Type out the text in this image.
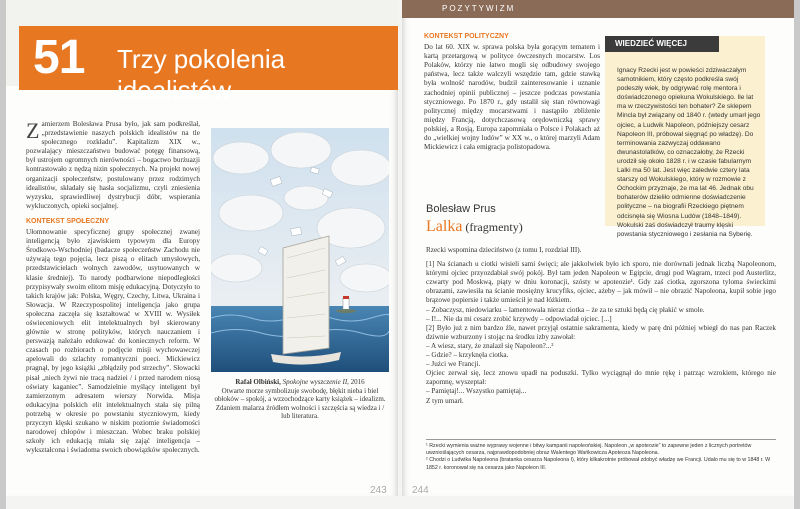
51 Trzy pokolenia idealistów
Z amierzem Bolesława Prusa było, jak sam podkreślał, „przedstawienie naszych polskich idealistów na tle społecznego rozkładu”. Kapitalizm XIX w., pozwalający mieszczaństwu budować potęgę finansową, był ustrojem ogromnych nierówności – bogactwo burżuazji kontrastowało z nędzą nizin społecznych. Na projekt nowej organizacji społeczeństw, postulowany przez rodzimych idealistów, składały się hasła socjalizmu, czyli zniesienia wyzysku, sprawiedliwej dystrybucji dóbr, wspierania wykluczonych, opieki socjalnej.
KONTEKST SPOŁECZNY
Ułomnowanie specyficznej grupy społecznej zwanej inteligencją było zjawiskiem typowym dla Europy Środkowo-Wschodniej (badacze społeczeństw Zachodu nie używają tego pojęcia, lecz piszą o elitach umysłowych, przedstawicielach wolnych zawodów, usytuowanych w klasie średniej). To narody podbarwione niepodległości przypisywały swoim elitom misję edukacyjną. Dotyczyło to takich krajów jak: Polska, Węgry, Czechy, Litwa, Ukraina i Słowacja. W Rzeczypospolitej inteligencja jako grupa społeczna zaczęła się kształtować w XVIII w. Wysiłek oświeceniowych elit intelektualnych był skierowany głównie w stronę polityków, których nauczaniem i perswazją należało edukować do koniecznych reform. W czasach po rozbiorach o podjęcie misji wychowawczej apelowali do szlachty romantyczni poeci. Mickiewicz pragnął, by jego książki „zbłądziły pod strzechy”. Słowacki pisał „niech żywi nie tracą nadziei / i przed narodem niosą oświaty kaganiec”. Samodzielnie myślący inteligent był zamierzonym adresatem wierszy Norwida. Misja edukacyjna polskich elit intelektualnych stała się pilną potrzebą w okresie po powstaniu styczniowym, kiedy przyczyn klęski szukano w niskim poziomie świadomości narodowej chłopów i mieszczan. Wobec braku polskiej szkoły ich edukacją miała się zająć inteligencja – wykształcona i świadoma swoich obowiązków społecznych.
Rafał Olbiński, Spokojne wyszczenie II, 2016
Otwarte morze symbolizuje swobodę, błękit nieba i biel obłoków – spokój, a wzzochodzące karty książek – idealizm. Zdaniem malarza źródłem wolności i szczęścia są wiedza i / lub literatura.
243
POZYTYWIZM
KONTEKST POLITYCZNY
Do lat 60. XIX w. sprawa polska była gorącym tematem i kartą przetargową w polityce ówczesnych mocarstw. Los Polaków, którzy nie łatwo mogli się odbudowy swojego państwa, lecz także walczyli wszędzie tam, gdzie stawką była wolność narodów, budził zainteresowanie i uznanie zachodniej opinii publicznej – jeszcze podczas powstania styczniowego. Po 1870 r., gdy ustalił się stan równowagi politycznej między mocarstwami i nastąpiło zbliżenie między Francją, dotychczasową orędowniczką sprawy polskiej, a Rosją, Europa zapomniała o Polsce i Polakach aż do „wielkiej wojny ludów” w XX w., o której marzyli Adam Mickiewicz i cała emigracja polistopadowa.
WIEDZIEĆ WIĘCEJ
Ignacy Rzecki jest w powieści zdziwaczałym samotnikiem, który często podkreśla swój podeszły wiek, by odgrywać rolę mentora i doświadczonego opiekuna Wokulskiego. Ile lat ma w rzeczywistości ten bohater? Ze sklepem Mincla był związany od 1840 r. (wtedy umarł jego ojciec, a Ludwik Napoleon, późniejszy cesarz Napoleon III, próbował sięgnąć po władzę). Do terminowania zazwyczaj oddawano dwunastolatków, co oznaczałoby, że Rzecki urodził się około 1828 r. i w czasie fabularnym Lalki ma 50 lat. Jest więc zaledwie cztery lata starszy od Wokulskiego, który w rozmowie z Ochockim przyznaje, że ma lat 46. Jednak obu bohaterów dzieliło odmienne doświadczenie polityczne – na biografii Rzeckiego piętnem odcisnęła się Wiosna Ludów (1848–1849). Wokulski zaś doświadczył traumy klęski powstania styczniowego i zesłania na Syberię.
Bolesław Prus
Lalka (fragmenty)
Rzecki wspomina dzieciństwo (z tomu I, rozdział III).
[1] Na ścianach u ciotki wisieli sami święci; ale jakkolwiek było ich sporo, nie dorównali jednak liczbą Napoleonom, którymi ojciec przyozdabiał swój pokój. Był tam jeden Napoleon w Egipcie, drugi pod Wagram, trzeci pod Austerlitz, czwarty pod Moskwą, piąty w dniu koronacji, szósty w apoteozie¹. Gdy zaś ciotka, zgorszona tyloma świeckimi obrazami, zawiesiła na ścianie mosiężny krucyfiks, ojciec, ażeby – jak mówił – nie obrazić Napoleona, kupił sobie jego brązowe popiersie i także umieścił je nad łóżkiem.
– Zobaczysz, niedowiarku – lamentowała nieraz ciotka – że za te sztuki będą cię płakić w smole.
– I!... Nie da mi cesarz zrobić krzywdy – odpowiadał ojciec. [...]
[2] Było już z nim bardzo źle, nawet przyjął ostatnie sakramenta, kiedy w parę dni później wbiegł do nas pan Raczek dziwnie wzburzony i stojąc na środku izby zawołał:
– A wiesz, stary, że znalazł się Napoleon?...²
– Gdzie? – krzyknęła ciotka.
– Jużci we Francji.
Ojciec zerwał się, lecz znowu upadł na poduszki. Tylko wyciągnął do mnie rękę i patrząc wzrokiem, którego nie zapomnę, wyszeptał:
– Pamiętaj!... Wszystko pamiętaj...
Z tym umarł.
¹ Rzecki wymienia ważne wyprawy wojenne i bitwy kampanii napoleońskiej. Napoleon „w apoteozie” to zapewne jeden z licznych portretów uwznioślających cesarza, najprawdopodobniej obraz Walentego Wańkowicza Apoteoza Napoleona.
² Chodzi o Ludwika Napoleona (bratanka cesarza Napoleona I), który kilkakrotnie próbował zdobyć władzę we Francji. Udało mu się to w 1848 r. W 1852 r. koronował się na cesarza jako Napoleon III.
244
